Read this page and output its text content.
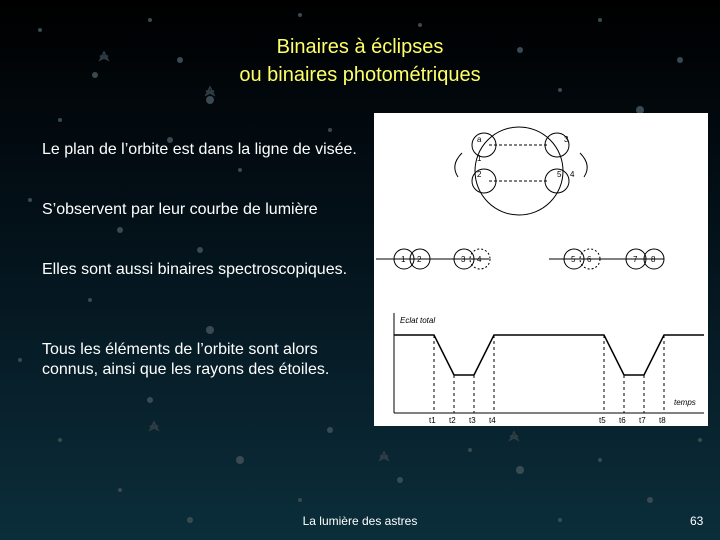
Binaires à éclipses
ou binaires photométriques
Le plan de l’orbite est dans la ligne de visée.
S’observent par leur courbe de lumière
Elles sont aussi binaires spectroscopiques.
Tous les éléments de l’orbite sont alors connus, ainsi que les rayons des étoiles.
a	3
1
2	5 4
1 2	3 4	5 6	7 8
Eclat total
temps
t1 t2 t3 t4	t5 t6 t7 t8
La lumière des astres	63
